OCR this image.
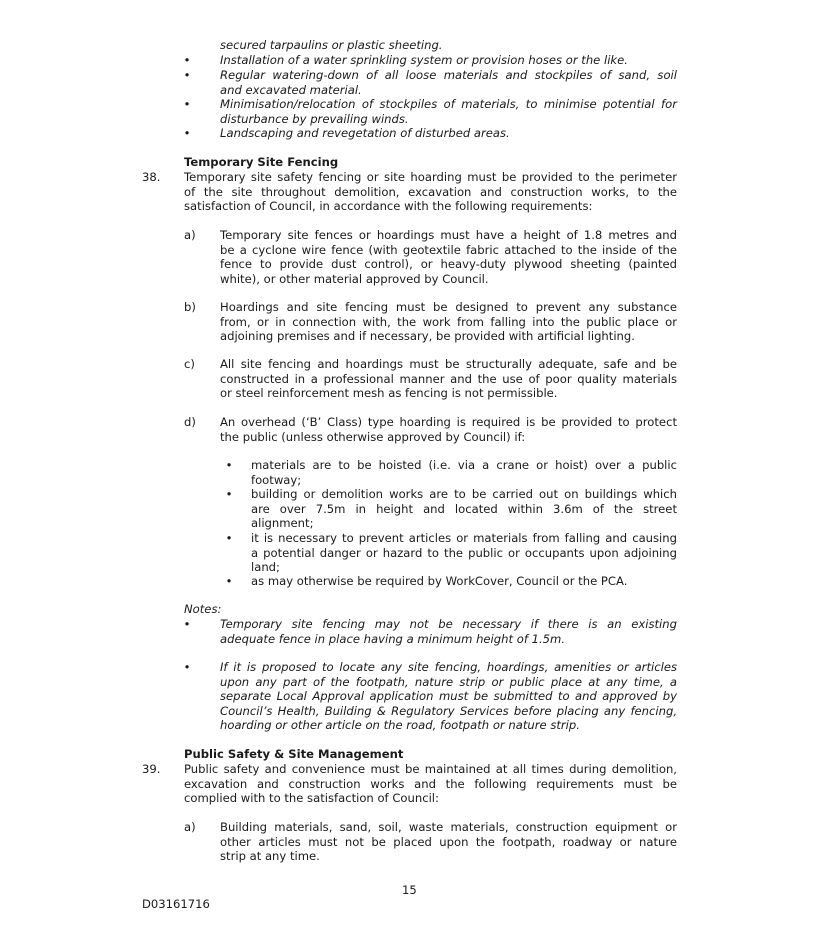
secured tarpaulins or plastic sheeting.
•	Installation of a water sprinkling system or provision hoses or the like.
•	Regular watering-down of all loose materials and stockpiles of sand, soil
and excavated material.
•	Minimisation/relocation of stockpiles of materials, to minimise potential for
disturbance by prevailing winds.
•	Landscaping and revegetation of disturbed areas.
Temporary Site Fencing
38. Temporary site safety fencing or site hoarding must be provided to the perimeter
of the site throughout demolition, excavation and construction works, to the
satisfaction of Council, in accordance with the following requirements:
a) Temporary site fences or hoardings must have a height of 1.8 metres and
be a cyclone wire fence (with geotextile fabric attached to the inside of the
fence to provide dust control), or heavy-duty plywood sheeting (painted
white), or other material approved by Council.
b) Hoardings and site fencing must be designed to prevent any substance
from, or in connection with, the work from falling into the public place or
adjoining premises and if necessary, be provided with artificial lighting.
c) All site fencing and hoardings must be structurally adequate, safe and be
constructed in a professional manner and the use of poor quality materials
or steel reinforcement mesh as fencing is not permissible.
d) An overhead (‘B’ Class) type hoarding is required is be provided to protect
the public (unless otherwise approved by Council) if:
• materials are to be hoisted (i.e. via a crane or hoist) over a public
footway;
• building or demolition works are to be carried out on buildings which
are over 7.5m in height and located within 3.6m of the street
alignment;
• it is necessary to prevent articles or materials from falling and causing
a potential danger or hazard to the public or occupants upon adjoining
land;
• as may otherwise be required by WorkCover, Council or the PCA.
Notes:
•	Temporary site fencing may not be necessary if there is an existing
adequate fence in place having a minimum height of 1.5m.
•	If it is proposed to locate any site fencing, hoardings, amenities or articles
upon any part of the footpath, nature strip or public place at any time, a
separate Local Approval application must be submitted to and approved by
Council’s Health, Building & Regulatory Services before placing any fencing,
hoarding or other article on the road, footpath or nature strip.
Public Safety & Site Management
39. Public safety and convenience must be maintained at all times during demolition,
excavation and construction works and the following requirements must be
complied with to the satisfaction of Council:
a) Building materials, sand, soil, waste materials, construction equipment or
other articles must not be placed upon the footpath, roadway or nature
strip at any time.
15
D03161716
